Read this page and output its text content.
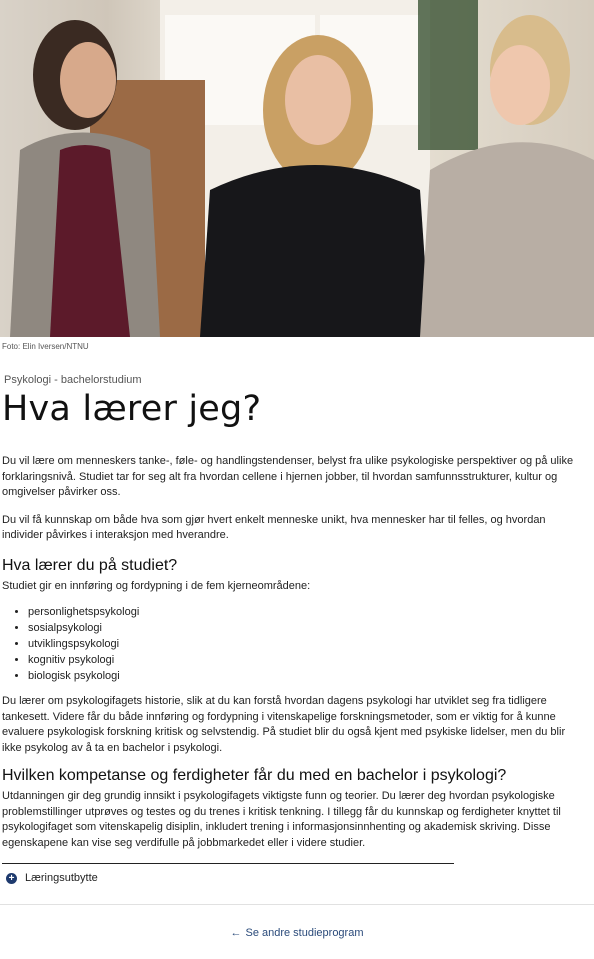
Foto: Elin Iversen/NTNU
Psykologi - bachelorstudium
Hva lærer jeg?

Du vil lære om menneskers tanke-, føle- og handlingstendenser, belyst fra ulike psykologiske perspektiver og på ulike forklaringsnivå. Studiet tar for seg alt fra hvordan cellene i hjernen jobber, til hvordan samfunnsstrukturer, kultur og omgivelser påvirker oss.

Du vil få kunnskap om både hva som gjør hvert enkelt menneske unikt, hva mennesker har til felles, og hvordan individer påvirkes i interaksjon med hverandre.

Hva lærer du på studiet?

Studiet gir en innføring og fordypning i de fem kjerneområdene:

• personlighetspsykologi
• sosialpsykologi
• utviklingspsykologi
• kognitiv psykologi
• biologisk psykologi

Du lærer om psykologifagets historie, slik at du kan forstå hvordan dagens psykologi har utviklet seg fra tidligere tankesett. Videre får du både innføring og fordypning i vitenskapelige forskningsmetoder, som er viktig for å kunne evaluere psykologisk forskning kritisk og selvstendig. På studiet blir du også kjent med psykiske lidelser, men du blir ikke psykolog av å ta en bachelor i psykologi.

Hvilken kompetanse og ferdigheter får du med en bachelor i psykologi?

Utdanningen gir deg grundig innsikt i psykologifagets viktigste funn og teorier. Du lærer deg hvordan psykologiske problemstillinger utprøves og testes og du trenes i kritisk tenkning. I tillegg får du kunnskap og ferdigheter knyttet til psykologifaget som vitenskapelig disiplin, inkludert trening i informasjonsinnhenting og akademisk skriving. Disse egenskapene kan vise seg verdifulle på jobbmarkedet eller i videre studier.

+ Læringsutbytte
← Se andre studieprogram
